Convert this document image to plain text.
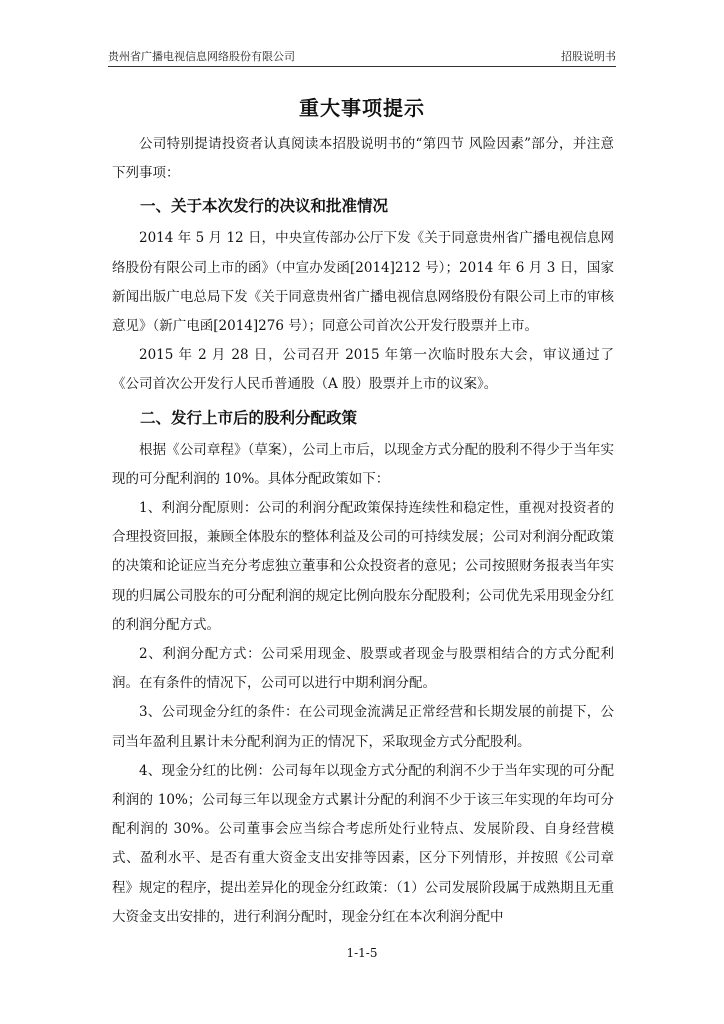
贵州省广播电视信息网络股份有限公司	招股说明书
重大事项提示

公司特别提请投资者认真阅读本招股说明书的“第四节 风险因素”部分，并注意下列事项：

一、关于本次发行的决议和批准情况

2014 年 5 月 12 日，中央宣传部办公厅下发《关于同意贵州省广播电视信息网络股份有限公司上市的函》（中宣办发函[2014]212 号）；2014 年 6 月 3 日，国家新闻出版广电总局下发《关于同意贵州省广播电视信息网络股份有限公司上市的审核意见》（新广电函[2014]276 号）；同意公司首次公开发行股票并上市。

2015 年 2 月 28 日，公司召开 2015 年第一次临时股东大会，审议通过了《公司首次公开发行人民币普通股（A 股）股票并上市的议案》。

二、发行上市后的股利分配政策

根据《公司章程》（草案），公司上市后，以现金方式分配的股利不得少于当年实现的可分配利润的 10%。具体分配政策如下：

1、利润分配原则：公司的利润分配政策保持连续性和稳定性，重视对投资者的合理投资回报，兼顾全体股东的整体利益及公司的可持续发展；公司对利润分配政策的决策和论证应当充分考虑独立董事和公众投资者的意见；公司按照财务报表当年实现的归属公司股东的可分配利润的规定比例向股东分配股利；公司优先采用现金分红的利润分配方式。

2、利润分配方式：公司采用现金、股票或者现金与股票相结合的方式分配利润。在有条件的情况下，公司可以进行中期利润分配。

3、公司现金分红的条件：在公司现金流满足正常经营和长期发展的前提下，公司当年盈利且累计未分配利润为正的情况下，采取现金方式分配股利。

4、现金分红的比例：公司每年以现金方式分配的利润不少于当年实现的可分配利润的 10%；公司每三年以现金方式累计分配的利润不少于该三年实现的年均可分配利润的 30%。公司董事会应当综合考虑所处行业特点、发展阶段、自身经营模式、盈利水平、是否有重大资金支出安排等因素，区分下列情形，并按照《公司章程》规定的程序，提出差异化的现金分红政策：（1）公司发展阶段属于成熟期且无重大资金支出安排的，进行利润分配时，现金分红在本次利润分配中

1-1-5
